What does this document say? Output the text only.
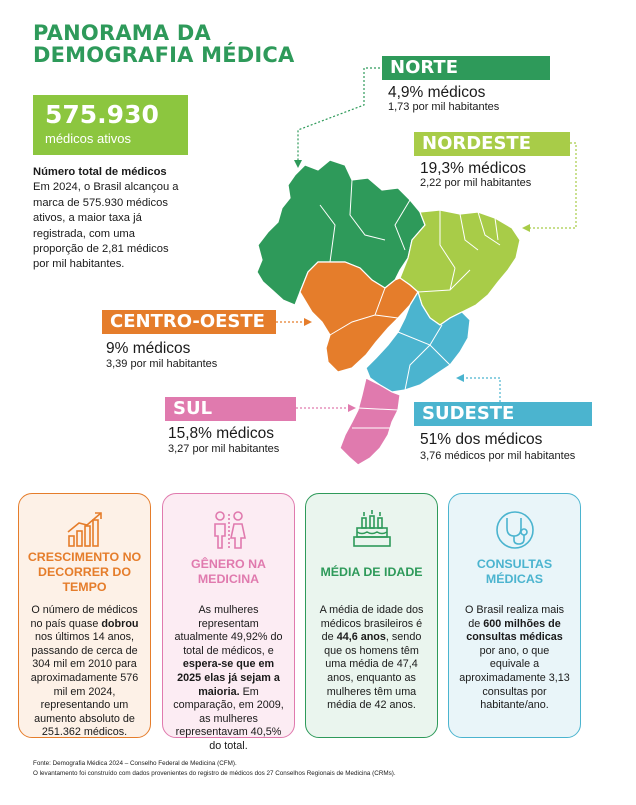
PANORAMA DA
DEMOGRAFIA MÉDICA
575.930
médicos ativos
Número total de médicos
Em 2024, o Brasil alcançou a marca de 575.930 médicos ativos, a maior taxa já registrada, com uma proporção de 2,81 médicos por mil habitantes.
NORTE
4,9% médicos
1,73 por mil habitantes
NORDESTE
19,3% médicos
2,22 por mil habitantes
CENTRO-OESTE
9% médicos
3,39 por mil habitantes
SUL
15,8% médicos
3,27 por mil habitantes
SUDESTE
51% dos médicos
3,76 médicos por mil habitantes
CRESCIMENTO NO DECORRER DO TEMPO
O número de médicos no país quase dobrou nos últimos 14 anos, passando de cerca de 304 mil em 2010 para aproximadamente 576 mil em 2024, representando um aumento absoluto de 251.362 médicos.
GÊNERO NA MEDICINA
As mulheres representam atualmente 49,92% do total de médicos, e espera-se que em 2025 elas já sejam a maioria. Em comparação, em 2009, as mulheres representavam 40,5% do total.
MÉDIA DE IDADE
A média de idade dos médicos brasileiros é de 44,6 anos, sendo que os homens têm uma média de 47,4 anos, enquanto as mulheres têm uma média de 42 anos.
CONSULTAS MÉDICAS
O Brasil realiza mais de 600 milhões de consultas médicas por ano, o que equivale a aproximadamente 3,13 consultas por habitante/ano.
Fonte: Demografia Médica 2024 – Conselho Federal de Medicina (CFM).
O levantamento foi construído com dados provenientes do registro de médicos dos 27 Conselhos Regionais de Medicina (CRMs).
